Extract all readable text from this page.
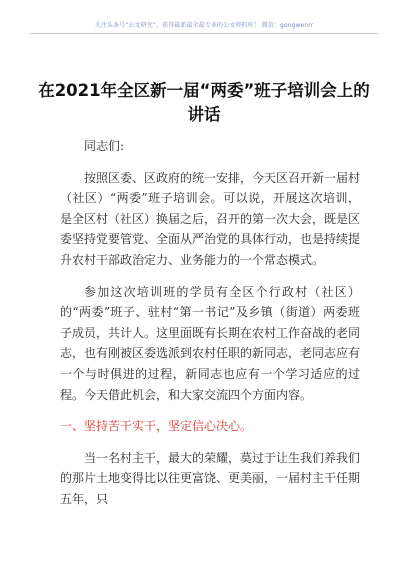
关注头条号“公文研究”，获得最新最全最专业的公文资料库！ 微信：gongwenrr
在2021年全区新一届“两委”班子培训会上的讲话

同志们:

按照区委、区政府的统一安排，今天区召开新一届村（社区）“两委”班子培训会。可以说，开展这次培训，是全区村（社区）换届之后，召开的第一次大会，既是区委坚持党要管党、全面从严治党的具体行动，也是持续提升农村干部政治定力、业务能力的一个常态模式。

参加这次培训班的学员有全区个行政村（社区）的“两委”班子、驻村“第一书记”及乡镇（街道）两委班子成员，共计人。这里面既有长期在农村工作奋战的老同志，也有刚被区委选派到农村任职的新同志，老同志应有一个与时俱进的过程，新同志也应有一个学习适应的过程。今天借此机会，和大家交流四个方面内容。

一、坚持苦干实干，坚定信心决心。

当一名村主干，最大的荣耀，莫过于让生我们养我们的那片土地变得比以往更富饶、更美丽，一届村主干任期五年，只
